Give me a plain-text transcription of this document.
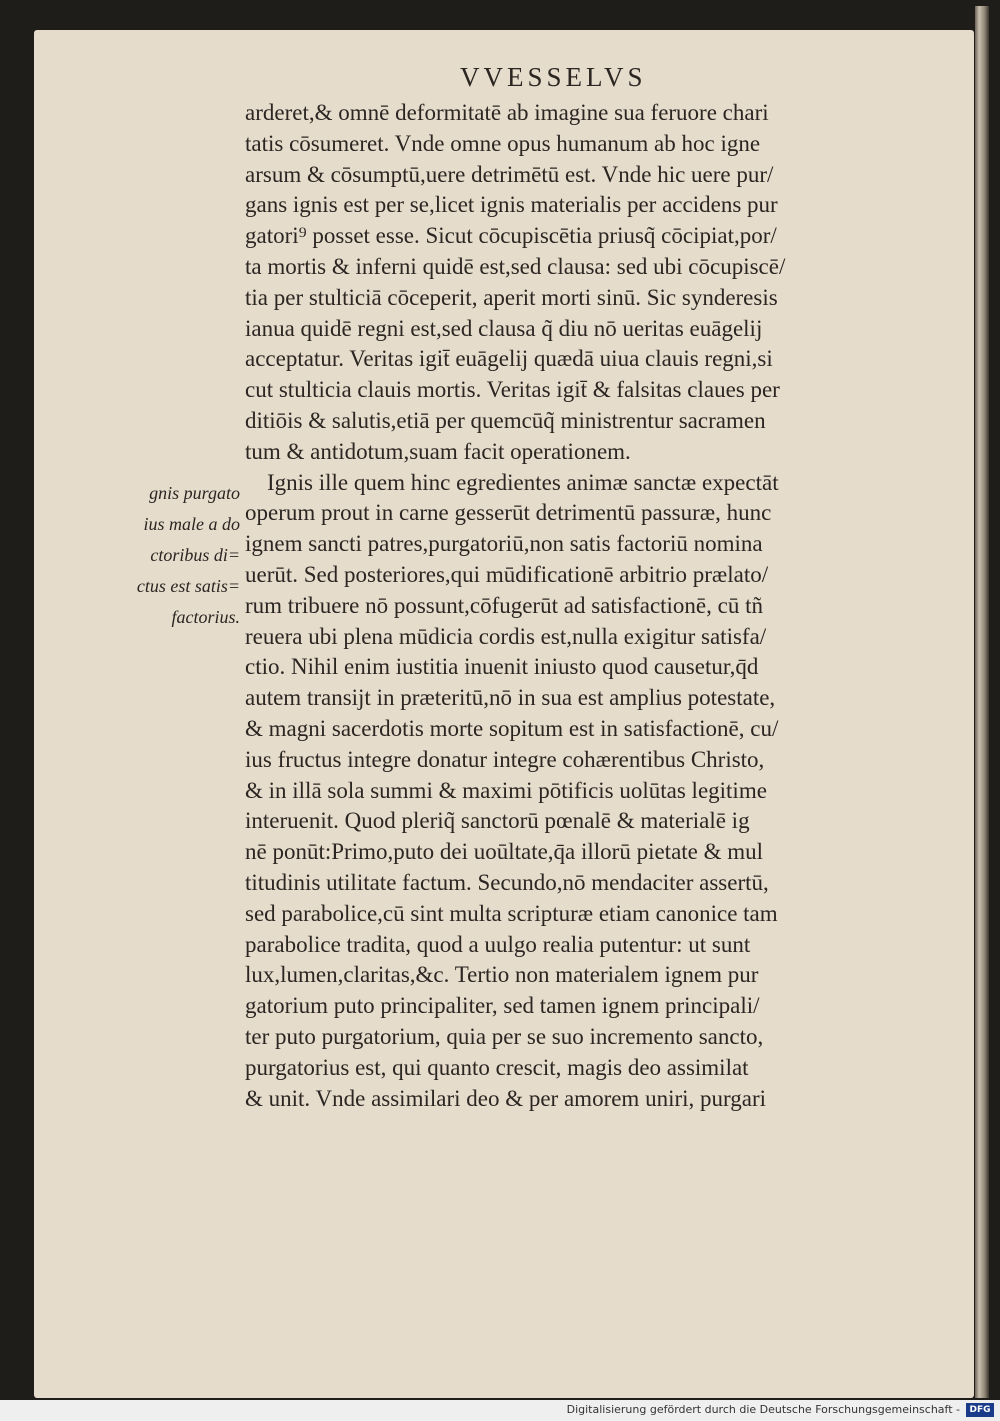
VVESSELVS
arderet,& omnē deformitatē ab imagine sua feruore chari
tatis cōsumeret. Vnde omne opus humanum ab hoc igne
arsum & cōsumptū,uere detrimētū est. Vnde hic uere pur/
gans ignis est per se,licet ignis materialis per accidens pur
gatori⁹ posset esse. Sicut cōcupiscētia priusq̃ cōcipiat,por/
ta mortis & inferni quidē est,sed clausa: sed ubi cōcupiscē/
tia per stulticiā cōceperit, aperit morti sinū. Sic synderesis
ianua quidē regni est,sed clausa q̃ diu nō ueritas euāgelij
acceptatur. Veritas igit̄ euāgelij quædā uiua clauis regni,si
cut stulticia clauis mortis. Veritas igit̄ & falsitas claues per
ditiōis & salutis,etiā per quemcūq̃ ministrentur sacramen
tum & antidotum,suam facit operationem.
Ignis ille quem hinc egredientes animæ sanctæ expectāt
operum prout in carne gesserūt detrimentū passuræ, hunc
ignem sancti patres,purgatoriū,non satis factoriū nomina
uerūt. Sed posteriores,qui mūdificationē arbitrio prælato/
rum tribuere nō possunt,cōfugerūt ad satisfactionē, cū tñ
reuera ubi plena mūdicia cordis est,nulla exigitur satisfa/
ctio. Nihil enim iustitia inuenit iniusto quod causetur,q̄d
autem transijt in præteritū,nō in sua est amplius potestate,
& magni sacerdotis morte sopitum est in satisfactionē, cu/
ius fructus integre donatur integre cohærentibus Christo,
& in illā sola summi & maximi pōtificis uolūtas legitime
interuenit. Quod pleriq̃ sanctorū pœnalē & materialē ig
nē ponūt:Primo,puto dei uoūltate,q̄a illorū pietate & mul
titudinis utilitate factum. Secundo,nō mendaciter assertū,
sed parabolice,cū sint multa scripturæ etiam canonice tam
parabolice tradita, quod a uulgo realia putentur: ut sunt
lux,lumen,claritas,&c. Tertio non materialem ignem pur
gatorium puto principaliter, sed tamen ignem principali/
ter puto purgatorium, quia per se suo incremento sancto,
purgatorius est, qui quanto crescit, magis deo assimilat
& unit. Vnde assimilari deo & per amorem uniri, purgari
gnis purgato
ius male a do
ctoribus di=
ctus est satis=
factorius.
Digitalisierung gefördert durch die Deutsche Forschungsgemeinschaft -	DFG
